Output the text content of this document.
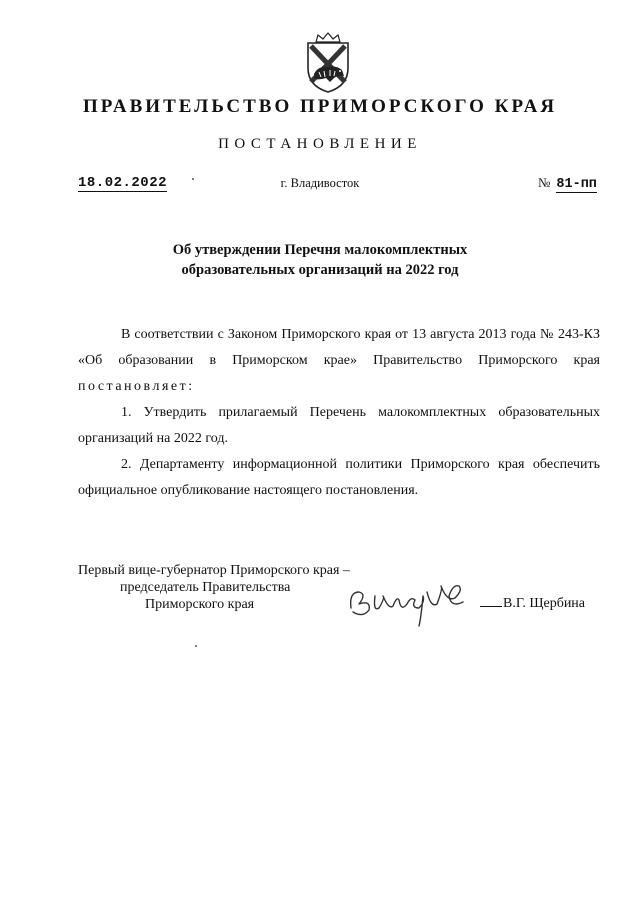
ПРАВИТЕЛЬСТВО ПРИМОРСКОГО КРАЯ
ПОСТАНОВЛЕНИЕ
18.02.2022	г. Владивосток	№ 81-пп
Об утверждении Перечня малокомплектных
образовательных организаций на 2022 год

В соответствии с Законом Приморского края от 13 августа 2013 года № 243-КЗ «Об образовании в Приморском крае» Правительство Приморского края постановляет:

1. Утвердить прилагаемый Перечень малокомплектных образовательных организаций на 2022 год.

2. Департаменту информационной политики Приморского края обеспечить официальное опубликование настоящего постановления.

Первый вице-губернатор Приморского края –
председатель Правительства
Приморского края	В.Г. Щербина
